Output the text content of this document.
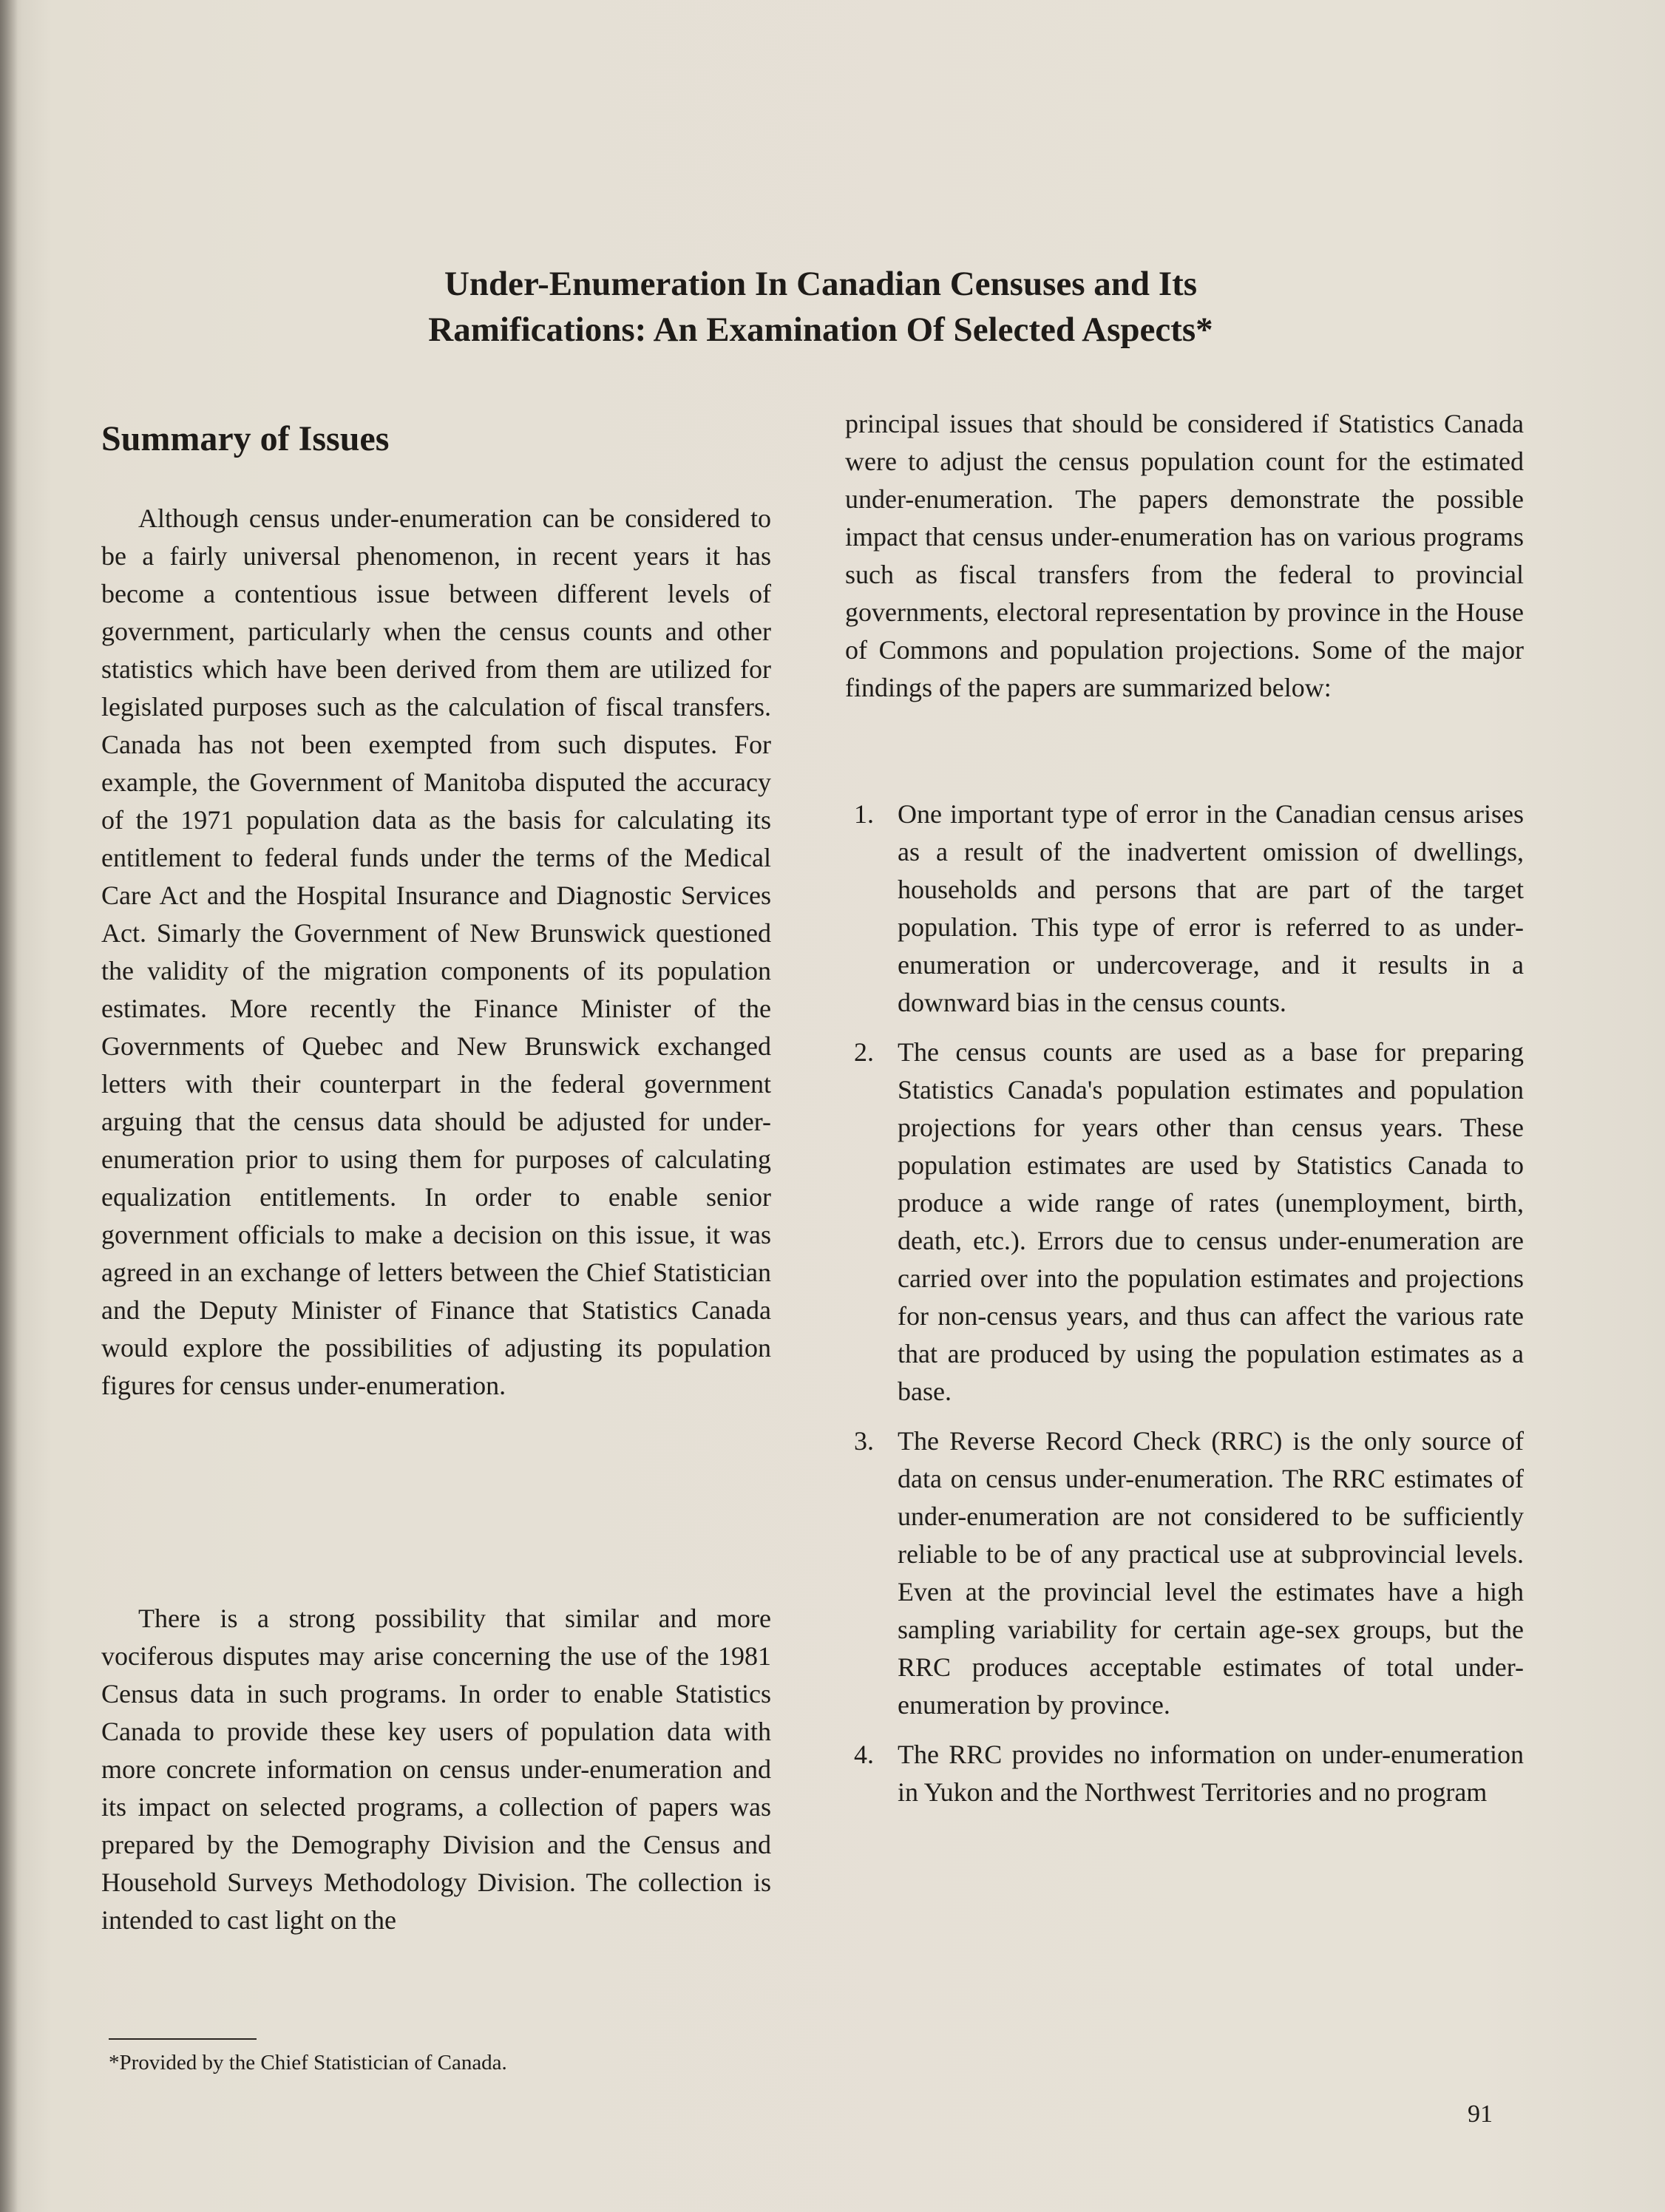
Under-Enumeration In Canadian Censuses and Its
Ramifications: An Examination Of Selected Aspects*
Summary of Issues

Although census under-enumeration can be considered to be a fairly universal phenomenon, in recent years it has become a contentious issue between different levels of government, particularly when the census counts and other statistics which have been derived from them are utilized for legislated purposes such as the calculation of fiscal transfers. Canada has not been exempted from such disputes. For example, the Government of Manitoba disputed the accuracy of the 1971 population data as the basis for calculating its entitlement to federal funds under the terms of the Medical Care Act and the Hospital Insurance and Diagnostic Services Act. Simarly the Government of New Brunswick questioned the validity of the migration components of its population estimates. More recently the Finance Minister of the Governments of Quebec and New Brunswick exchanged letters with their counterpart in the federal government arguing that the census data should be adjusted for under-enumeration prior to using them for purposes of calculating equalization entitlements. In order to enable senior government officials to make a decision on this issue, it was agreed in an exchange of letters between the Chief Statistician and the Deputy Minister of Finance that Statistics Canada would explore the possibilities of adjusting its population figures for census under-enumeration.

There is a strong possibility that similar and more vociferous disputes may arise concerning the use of the 1981 Census data in such programs. In order to enable Statistics Canada to provide these key users of population data with more concrete information on census under-enumeration and its impact on selected programs, a collection of papers was prepared by the Demography Division and the Census and Household Surveys Methodology Division. The collection is intended to cast light on the

*Provided by the Chief Statistician of Canada.

principal issues that should be considered if Statistics Canada were to adjust the census population count for the estimated under-enumeration. The papers demonstrate the possible impact that census under-enumeration has on various programs such as fiscal transfers from the federal to provincial governments, electoral representation by province in the House of Commons and population projections. Some of the major findings of the papers are summarized below:

1. One important type of error in the Canadian census arises as a result of the inadvertent omission of dwellings, households and persons that are part of the target population. This type of error is referred to as under-enumeration or undercoverage, and it results in a downward bias in the census counts.

2. The census counts are used as a base for preparing Statistics Canada's population estimates and population projections for years other than census years. These population estimates are used by Statistics Canada to produce a wide range of rates (unemployment, birth, death, etc.). Errors due to census under-enumeration are carried over into the population estimates and projections for non-census years, and thus can affect the various rate that are produced by using the population estimates as a base.

3. The Reverse Record Check (RRC) is the only source of data on census under-enumeration. The RRC estimates of under-enumeration are not considered to be sufficiently reliable to be of any practical use at subprovincial levels. Even at the provincial level the estimates have a high sampling variability for certain age-sex groups, but the RRC produces acceptable estimates of total under-enumeration by province.

4. The RRC provides no information on under-enumeration in Yukon and the Northwest Territories and no program

91
